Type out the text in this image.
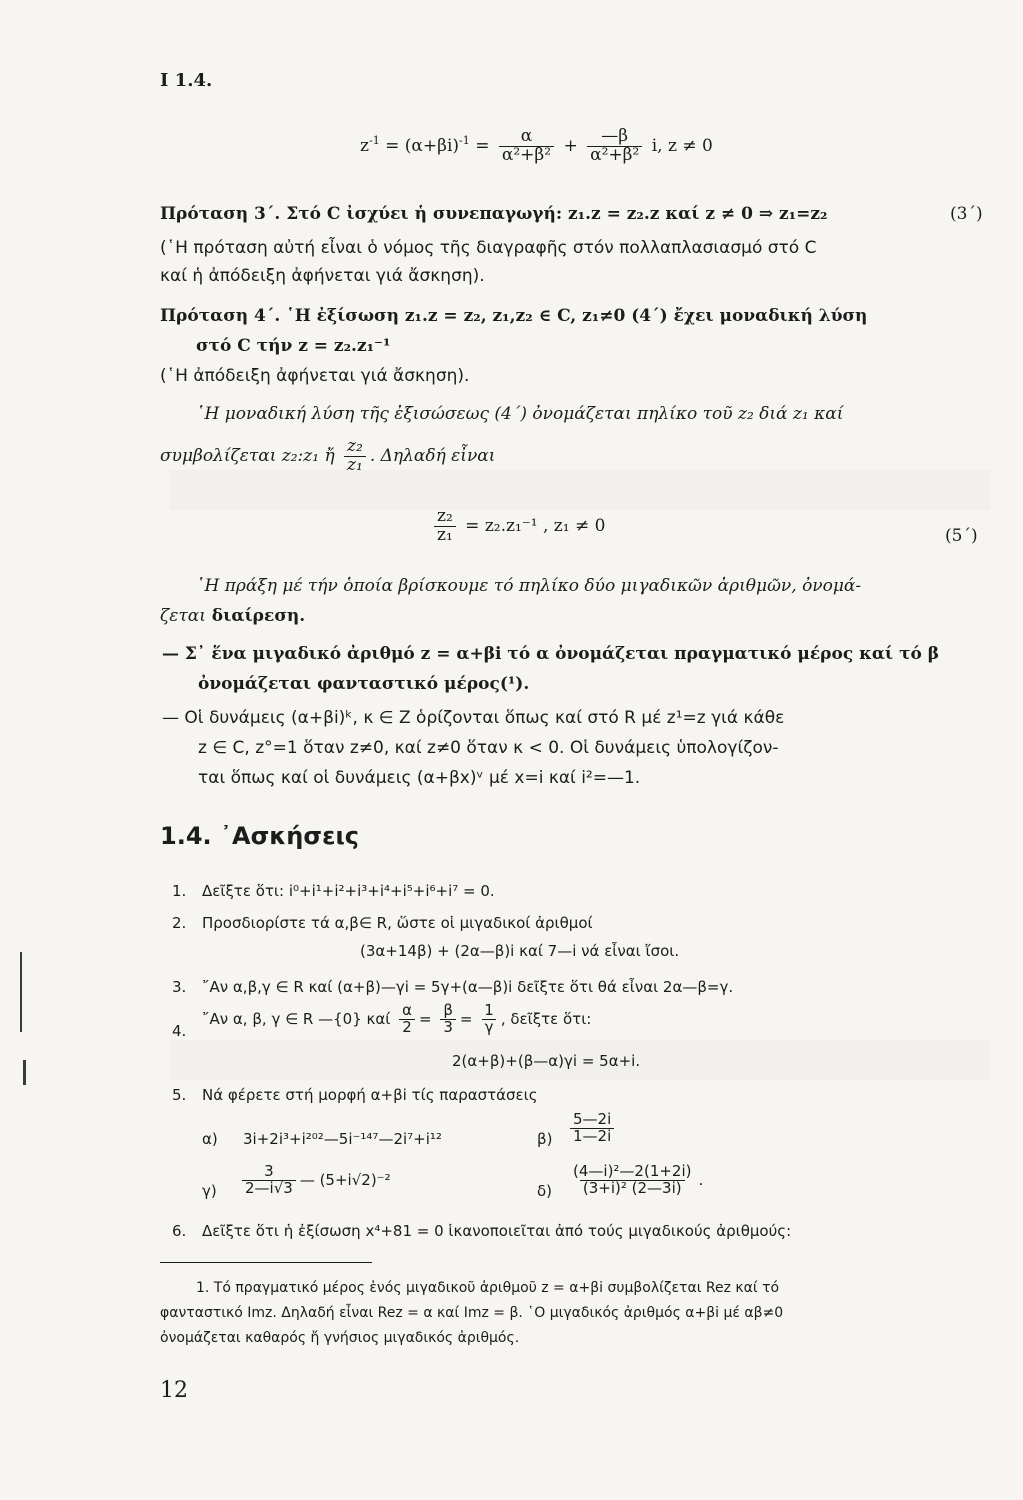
I 1.4.
$z^{-1} = (\alpha+\beta i)^{-1} = \frac{\alpha}{\text{α²+β²}} + \frac{—\beta}{\text{α²+β²}} i$, z ≠ 0
Πρόταση 3΄. Στό C ἰσχύει ἡ συνεπαγωγή: z₁.z = z₂.z καί z ≠ 0 ⇒ z₁=z₂	(3΄)
(῾Η πρόταση αὐτή εἶναι ὁ νόμος τῆς διαγραφῆς στόν πολλαπλασιασμό στό C
καί ἡ ἀπόδειξη ἀφήνεται γιά ἄσκηση).
Πρόταση 4΄. ῾Η ἐξίσωση z₁.z = z₂, z₁,z₂ ∈ C, z₁≠0 (4΄) ἔχει μοναδική λύση
στό C τήν z = z₂.z₁⁻¹
(῾Η ἀπόδειξη ἀφήνεται γιά ἄσκηση).
῾Η μοναδική λύση τῆς ἐξισώσεως (4΄) ὀνομάζεται πηλίκο τοῦ z₂ διά z₁ καί
συμβολίζεται z₂:z₁ ἤ $\frac{\text{z₂}}{\text{z₁}}$ . Δηλαδή εἶναι
$\frac{\text{z₂}}{\text{z₁}} = z_2.z_1^{-1}$ , z₁ ≠ 0
(5΄)
῾Η πράξη μέ τήν ὁποία βρίσκουμε τό πηλίκο δύο μιγαδικῶν ἀριθμῶν, ὀνομά-
ζεται διαίρεση.
— Σ᾽ ἕνα μιγαδικό ἀριθμό z = α+βi τό α ὀνομάζεται πραγματικό μέρος καί τό β
ὀνομάζεται φανταστικό μέρος(¹).
— Οἱ δυνάμεις (α+βi)ᵏ, κ ∈ Z ὁρίζονται ὅπως καί στό R μέ z¹=z γιά κάθε
z ∈ C, z°=1 ὅταν z≠0, καί z≠0 ὅταν κ < 0. Οἱ δυνάμεις ὑπολογίζον-
ται ὅπως καί οἱ δυνάμεις (α+βx)ᵛ μέ x=i καί i²=—1.
1.4. ᾽Ασκήσεις
1. Δεῖξτε ὅτι: i⁰+i¹+i²+i³+i⁴+i⁵+i⁶+i⁷ = 0.
2. Προσδιορίστε τά α,β∈ R, ὥστε οἱ μιγαδικοί ἀριθμοί
(3α+14β) + (2α—β)i καί 7—i νά εἶναι ἴσοι.
3. ῎Αν α,β,γ ∈ R καί (α+β)—γi = 5γ+(α—β)i δεῖξτε ὅτι θά εἶναι 2α—β=γ.
4.
῎Αν α, β, γ ∈ R —{0} καί $\frac{\alpha}{2} = \frac{\beta}{3} = \frac{1}{\gamma}$ , δεῖξτε ὅτι:
2(α+β)+(β—α)γi = 5α+i.
5. Νά φέρετε στή μορφή α+βi τίς παραστάσεις
α) 3i+2i³+i²⁰²—5i⁻¹⁴⁷—2i⁷+i¹²	$\beta) \frac{5—2i}{1—2i}$
$\gamma) \frac{3}{2—i√3}$ — (5+i√2)⁻²
$\delta) \frac{\text{(4—i)²—2(1+2i)}}{\text{(3+i)² (2—3i)}}$ .
6. Δεῖξτε ὅτι ἡ ἐξίσωση x⁴+81 = 0 ἱκανοποιεῖται ἀπό τούς μιγαδικούς ἀριθμούς:
1. Τό πραγματικό μέρος ἑνός μιγαδικοῦ ἀριθμοῦ z = α+βi συμβολίζεται Rez καί τό
φανταστικό Imz. Δηλαδή εἶναι Rez = α καί Imz = β. ῾Ο μιγαδικός ἀριθμός α+βi μέ αβ≠0
ὀνομάζεται καθαρός ἤ γνήσιος μιγαδικός ἀριθμός.
12
